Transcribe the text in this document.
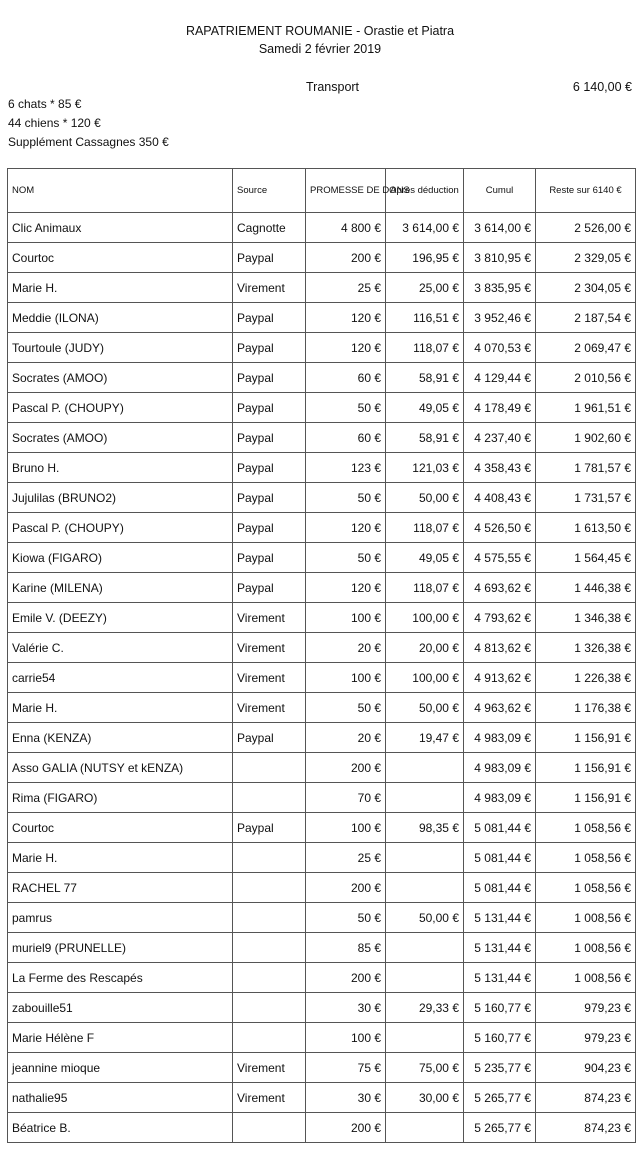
RAPATRIEMENT ROUMANIE - Orastie et Piatra
Samedi 2 février 2019
Transport	6 140,00 €
6 chats * 85 €
44 chiens * 120 €
Supplément Cassagnes 350 €
NOM	Source	PROMESSE DE DONS	Après déduction	Cumul	Reste sur 6140 €
Clic Animaux	Cagnotte	4 800 €	3 614,00 €	3 614,00 €	2 526,00 €
Courtoc	Paypal	200 €	196,95 €	3 810,95 €	2 329,05 €
Marie H.	Virement	25 €	25,00 €	3 835,95 €	2 304,05 €
Meddie (ILONA)	Paypal	120 €	116,51 €	3 952,46 €	2 187,54 €
Tourtoule (JUDY)	Paypal	120 €	118,07 €	4 070,53 €	2 069,47 €
Socrates (AMOO)	Paypal	60 €	58,91 €	4 129,44 €	2 010,56 €
Pascal P. (CHOUPY)	Paypal	50 €	49,05 €	4 178,49 €	1 961,51 €
Socrates (AMOO)	Paypal	60 €	58,91 €	4 237,40 €	1 902,60 €
Bruno H.	Paypal	123 €	121,03 €	4 358,43 €	1 781,57 €
Jujulilas (BRUNO2)	Paypal	50 €	50,00 €	4 408,43 €	1 731,57 €
Pascal P. (CHOUPY)	Paypal	120 €	118,07 €	4 526,50 €	1 613,50 €
Kiowa (FIGARO)	Paypal	50 €	49,05 €	4 575,55 €	1 564,45 €
Karine (MILENA)	Paypal	120 €	118,07 €	4 693,62 €	1 446,38 €
Emile V. (DEEZY)	Virement	100 €	100,00 €	4 793,62 €	1 346,38 €
Valérie C.	Virement	20 €	20,00 €	4 813,62 €	1 326,38 €
carrie54	Virement	100 €	100,00 €	4 913,62 €	1 226,38 €
Marie H.	Virement	50 €	50,00 €	4 963,62 €	1 176,38 €
Enna (KENZA)	Paypal	20 €	19,47 €	4 983,09 €	1 156,91 €
Asso GALIA (NUTSY et kENZA)		200 €		4 983,09 €	1 156,91 €
Rima (FIGARO)		70 €		4 983,09 €	1 156,91 €
Courtoc	Paypal	100 €	98,35 €	5 081,44 €	1 058,56 €
Marie H.		25 €		5 081,44 €	1 058,56 €
RACHEL 77		200 €		5 081,44 €	1 058,56 €
pamrus		50 €	50,00 €	5 131,44 €	1 008,56 €
muriel9 (PRUNELLE)		85 €		5 131,44 €	1 008,56 €
La Ferme des Rescapés		200 €		5 131,44 €	1 008,56 €
zabouille51		30 €	29,33 €	5 160,77 €	979,23 €
Marie Hélène F		100 €		5 160,77 €	979,23 €
jeannine mioque	Virement	75 €	75,00 €	5 235,77 €	904,23 €
nathalie95	Virement	30 €	30,00 €	5 265,77 €	874,23 €
Béatrice B.		200 €		5 265,77 €	874,23 €
